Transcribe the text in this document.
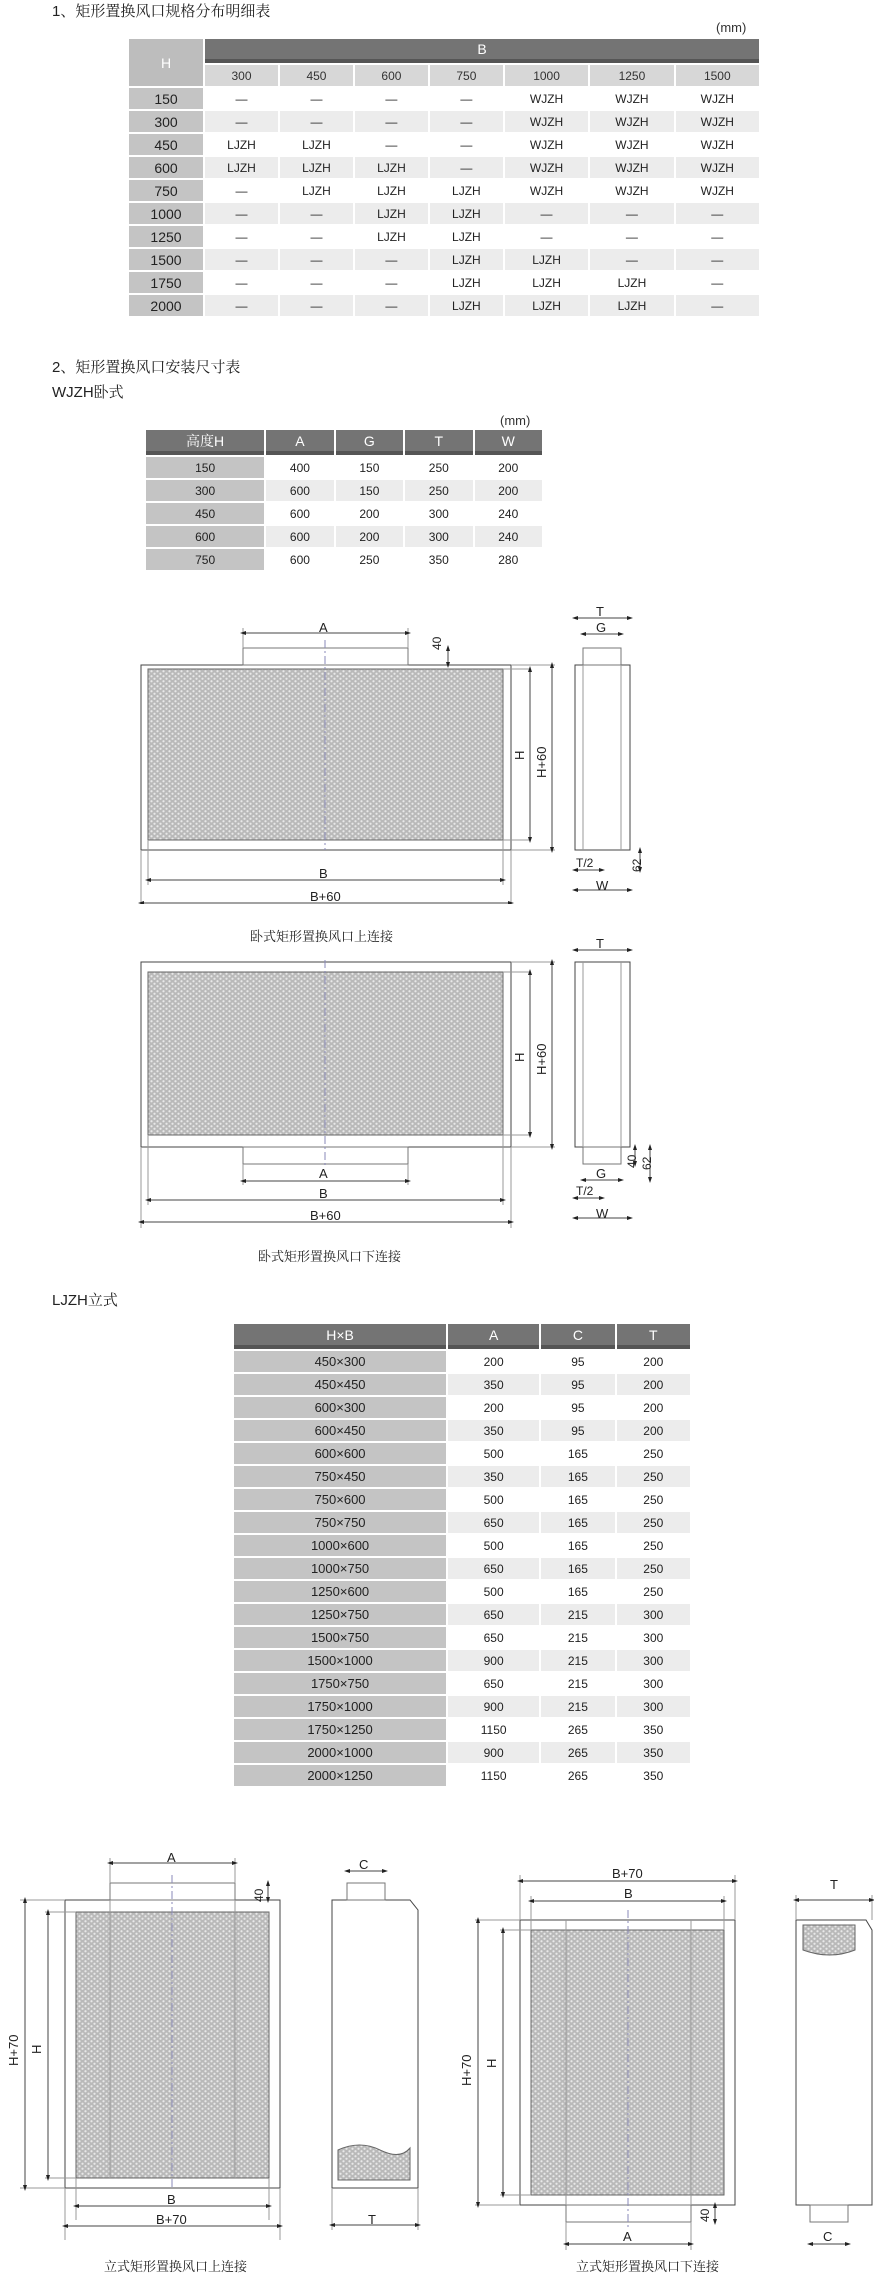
1、矩形置换风口规格分布明细表
(mm)
H	B						
	300	450	600	750	1000	1250	1500
150	—	—	—	—	WJZH	WJZH	WJZH
300	—	—	—	—	WJZH	WJZH	WJZH
450	LJZH	LJZH	—	—	WJZH	WJZH	WJZH
600	LJZH	LJZH	LJZH	—	WJZH	WJZH	WJZH
750	—	LJZH	LJZH	LJZH	WJZH	WJZH	WJZH
1000	—	—	LJZH	LJZH	—	—	—
1250	—	—	LJZH	LJZH	—	—	—
1500	—	—	—	LJZH	LJZH	—	—
1750	—	—	—	LJZH	LJZH	LJZH	—
2000	—	—	—	LJZH	LJZH	LJZH	—
2、矩形置换风口安装尺寸表
WJZH卧式
(mm)
高度H	A	G	T	W
150	400	150	250	200
300	600	150	250	200
450	600	200	300	240
600	600	200	300	240
750	600	250	350	280
A
40
H H+60
B
B+60
T
G
T/2	62
W
卧式矩形置换风口上连接	T
H H+60
A
B
B+60
G
40 62
T/2
W
卧式矩形置换风口下连接
LJZH立式
H×B	A	C	T
450×300	200	95	200
450×450	350	95	200
600×300	200	95	200
600×450	350	95	200
600×600	500	165	250
750×450	350	165	250
750×600	500	165	250
750×750	650	165	250
1000×600	500	165	250
1000×750	650	165	250
1250×600	500	165	250
1250×750	650	215	300
1500×750	650	215	300
1500×1000	900	215	300
1750×750	650	215	300
1750×1000	900	215	300
1750×1250	1150	265	350
2000×1000	900	265	350
2000×1250	1150	265	350
A
40
H+70 H
B
B+70
C
T
立式矩形置换风口上连接
B+70
B
H+70 H
A
40
T
C
立式矩形置换风口下连接
